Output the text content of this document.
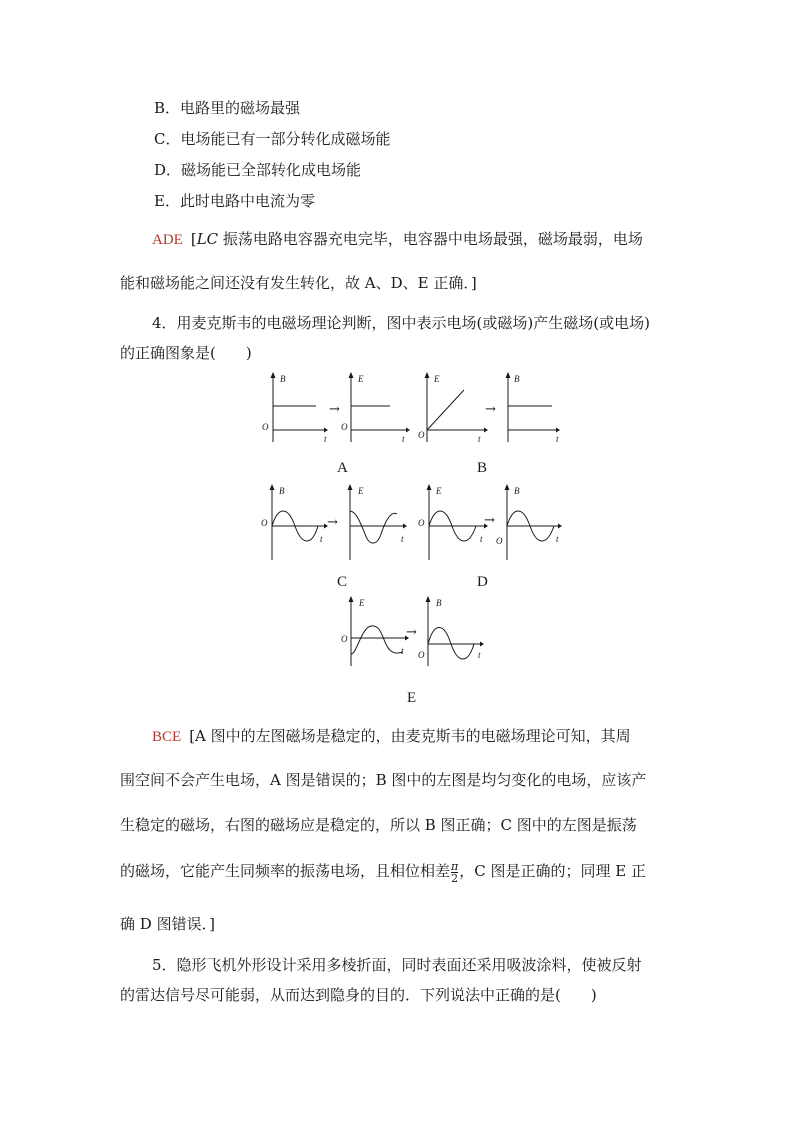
B．电路里的磁场最强
C．电场能已有一部分转化成磁场能
D．磁场能已全部转化成电场能
E．此时电路中电流为零
ADE [LC 振荡电路电容器充电完毕，电容器中电场最强，磁场最弱，电场
能和磁场能之间还没有发生转化，故 A、D、E 正确．]
4．用麦克斯韦的电磁场理论判断，图中表示电场(或磁场)产生磁场(或电场)
的正确图象是(　　)
B
O
t
→
E
O
t
E
O	t
→
B
t
A	B
B
O
t
→
E
t
E
O
t
→
B
O	t
C	D
E
O
t
→
B
O	t
E
BCE [A 图中的左图磁场是稳定的，由麦克斯韦的电磁场理论可知，其周
围空间不会产生电场，A 图是错误的；B 图中的左图是均匀变化的电场，应该产
生稳定的磁场，右图的磁场应是稳定的，所以 B 图正确；C 图中的左图是振荡
的磁场，它能产生同频率的振荡电场，且相位相差 $\frac{\pi}{2}$ ，C 图是正确的；同理 E 正
确 D 图错误．]
5．隐形飞机外形设计采用多棱折面，同时表面还采用吸波涂料，使被反射
的雷达信号尽可能弱，从而达到隐身的目的．下列说法中正确的是(　　)
